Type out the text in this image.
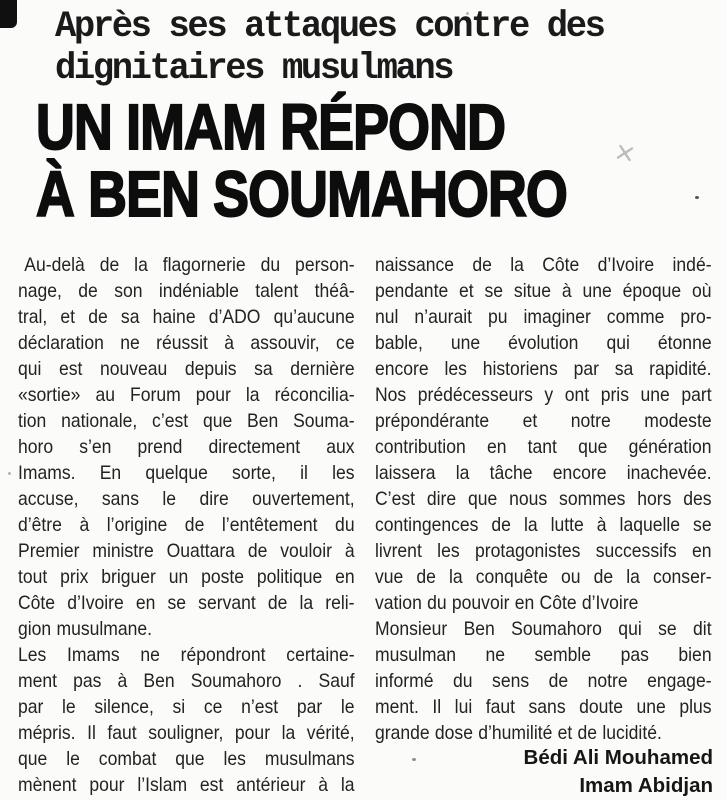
Après ses attaques contre des
dignitaires musulmans
UN IMAM RÉPOND
À BEN SOUMAHORO
Au-delà de la flagornerie du person-
nage, de son indéniable talent théâ-
tral, et de sa haine d’ADO qu’aucune
déclaration ne réussit à assouvir, ce
qui est nouveau depuis sa dernière
«sortie» au Forum pour la réconcilia-
tion nationale, c’est que Ben Souma-
horo s’en prend directement aux
Imams. En quelque sorte, il les
accuse, sans le dire ouvertement,
d’être à l’origine de l’entêtement du
Premier ministre Ouattara de vouloir à
tout prix briguer un poste politique en
Côte d’Ivoire en se servant de la reli-
gion musulmane.
Les Imams ne répondront certaine-
ment pas à Ben Soumahoro . Sauf
par le silence, si ce n’est par le
mépris. Il faut souligner, pour la vérité,
que le combat que les musulmans
mènent pour l’Islam est antérieur à la
naissance de la Côte d’Ivoire indé-
pendante et se situe à une époque où
nul n’aurait pu imaginer comme pro-
bable, une évolution qui étonne
encore les historiens par sa rapidité.
Nos prédécesseurs y ont pris une part
prépondérante et notre modeste
contribution en tant que génération
laissera la tâche encore inachevée.
C’est dire que nous sommes hors des
contingences de la lutte à laquelle se
livrent les protagonistes successifs en
vue de la conquête ou de la conser-
vation du pouvoir en Côte d’Ivoire
Monsieur Ben Soumahoro qui se dit
musulman ne semble pas bien
informé du sens de notre engage-
ment. Il lui faut sans doute une plus
grande dose d’humilité et de lucidité.
Bédi Ali Mouhamed
Imam Abidjan
